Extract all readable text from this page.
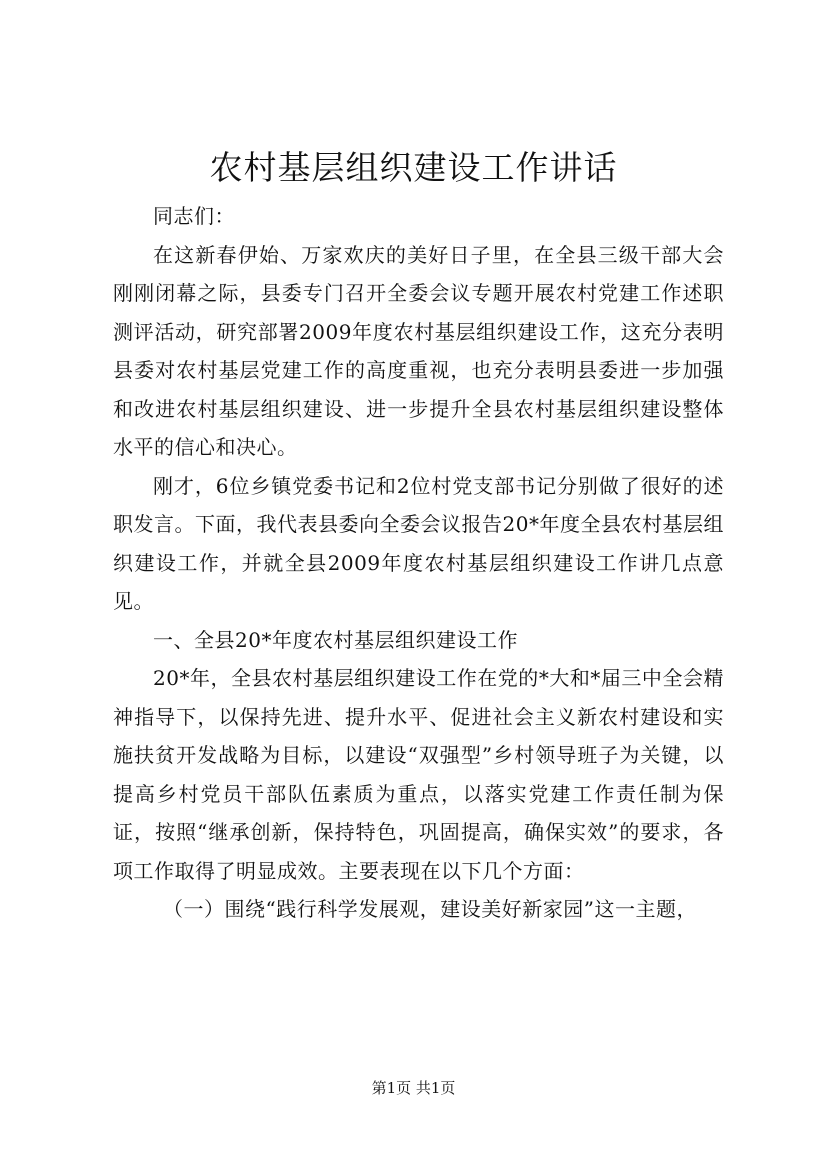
农村基层组织建设工作讲话

同志们：

在这新春伊始、万家欢庆的美好日子里，在全县三级干部大会刚刚闭幕之际，县委专门召开全委会议专题开展农村党建工作述职测评活动，研究部署2009年度农村基层组织建设工作，这充分表明县委对农村基层党建工作的高度重视，也充分表明县委进一步加强和改进农村基层组织建设、进一步提升全县农村基层组织建设整体水平的信心和决心。

刚才，6位乡镇党委书记和2位村党支部书记分别做了很好的述职发言。下面，我代表县委向全委会议报告20*年度全县农村基层组织建设工作，并就全县2009年度农村基层组织建设工作讲几点意见。

一、全县20*年度农村基层组织建设工作

20*年，全县农村基层组织建设工作在党的*大和*届三中全会精神指导下，以保持先进、提升水平、促进社会主义新农村建设和实施扶贫开发战略为目标，以建设“双强型”乡村领导班子为关键，以提高乡村党员干部队伍素质为重点，以落实党建工作责任制为保证，按照“继承创新，保持特色，巩固提高，确保实效”的要求，各项工作取得了明显成效。主要表现在以下几个方面：

（一）围绕“践行科学发展观，建设美好新家园”这一主题，

第1页 共1页
